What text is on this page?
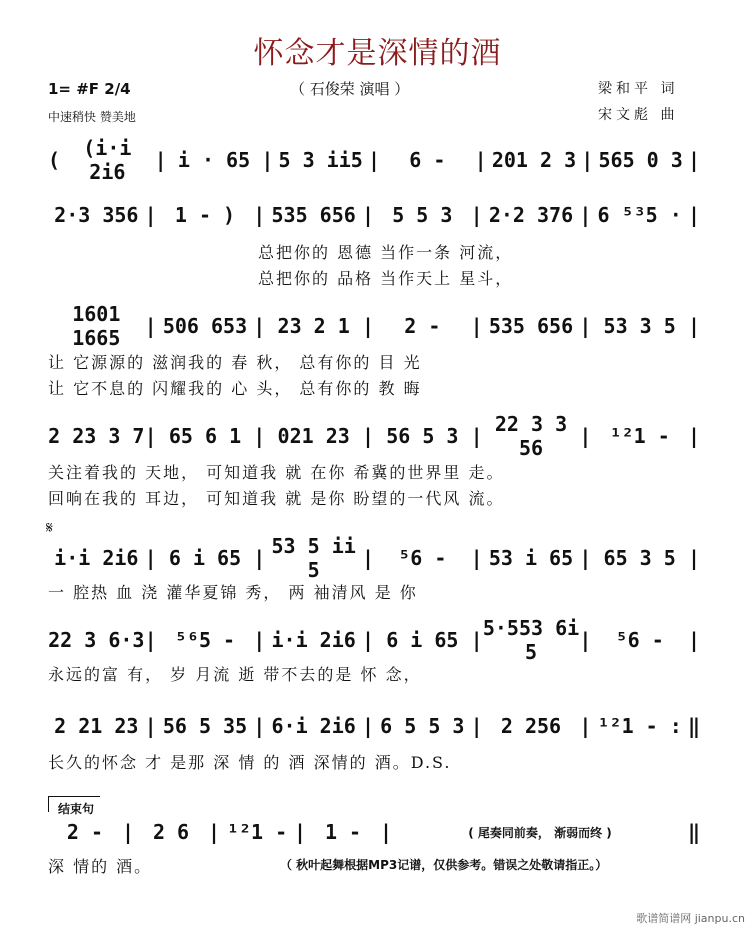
怀念才是深情的酒
（ 石俊荣 演唱 ）
1= #F 2/4
中速稍快 赞美地
梁和平 词
宋文彪 曲
(	(i·i 2i6	| i · 65 | 5 3 ii5 |	6 -	| 201 2 3 | 565 0 3 |
2·3 356 | 1 - ) | 535 656 | 5 5 3 | 2·2 376 | 6 ⁵³5 · |
总把你的 恩德 当作一条 河流，
总把你的 品格 当作天上 星斗，
1601 1665	| 506 653 | 23 2 1 |	2 -	| 535 656 | 53 3 5 |
让 它源源的 滋润我的 春 秋， 总有你的 目 光
让 它不息的 闪耀我的 心 头， 总有你的 教 晦
2 23 3 7 | 65 6 1 | 021 23 | 56 5 3 | 22 3 3 56	| ¹²1 - |
关注着我的 天地， 可知道我 就 在你 希冀的世界里 走。
回响在我的 耳边， 可知道我 就 是你 盼望的一代风 流。
𝄋
i·i 2i6 | 6 i 65 | 53 5 ii 5	|	⁵6 -	| 53 i 65 | 65 3 5 |
一 腔热 血 浇 灌华夏锦 秀， 两 袖清风 是 你
22 3 6·3 | ⁵⁶5 - | i·i 2i6 | 6 i 65 | 5·553 6i 5	|	⁵6 -	|
永远的富 有， 岁 月流 逝 带不去的是 怀 念，
2 21 23 | 56 5 35 | 6·i 2i6 | 6 5 5 3 | 2 256 | ¹²1 - : ‖
长久的怀念 才 是那 深 情 的 酒 深情的 酒。D.S.
结束句
2 - | 2 6 | ¹²1 - | 1 - |	( 尾奏同前奏， 渐弱而终 )	‖
深 情的 酒。	（ 秋叶起舞根据MP3记谱，仅供参考。错误之处敬请指正。）
歌谱简谱网 jianpu.cn
